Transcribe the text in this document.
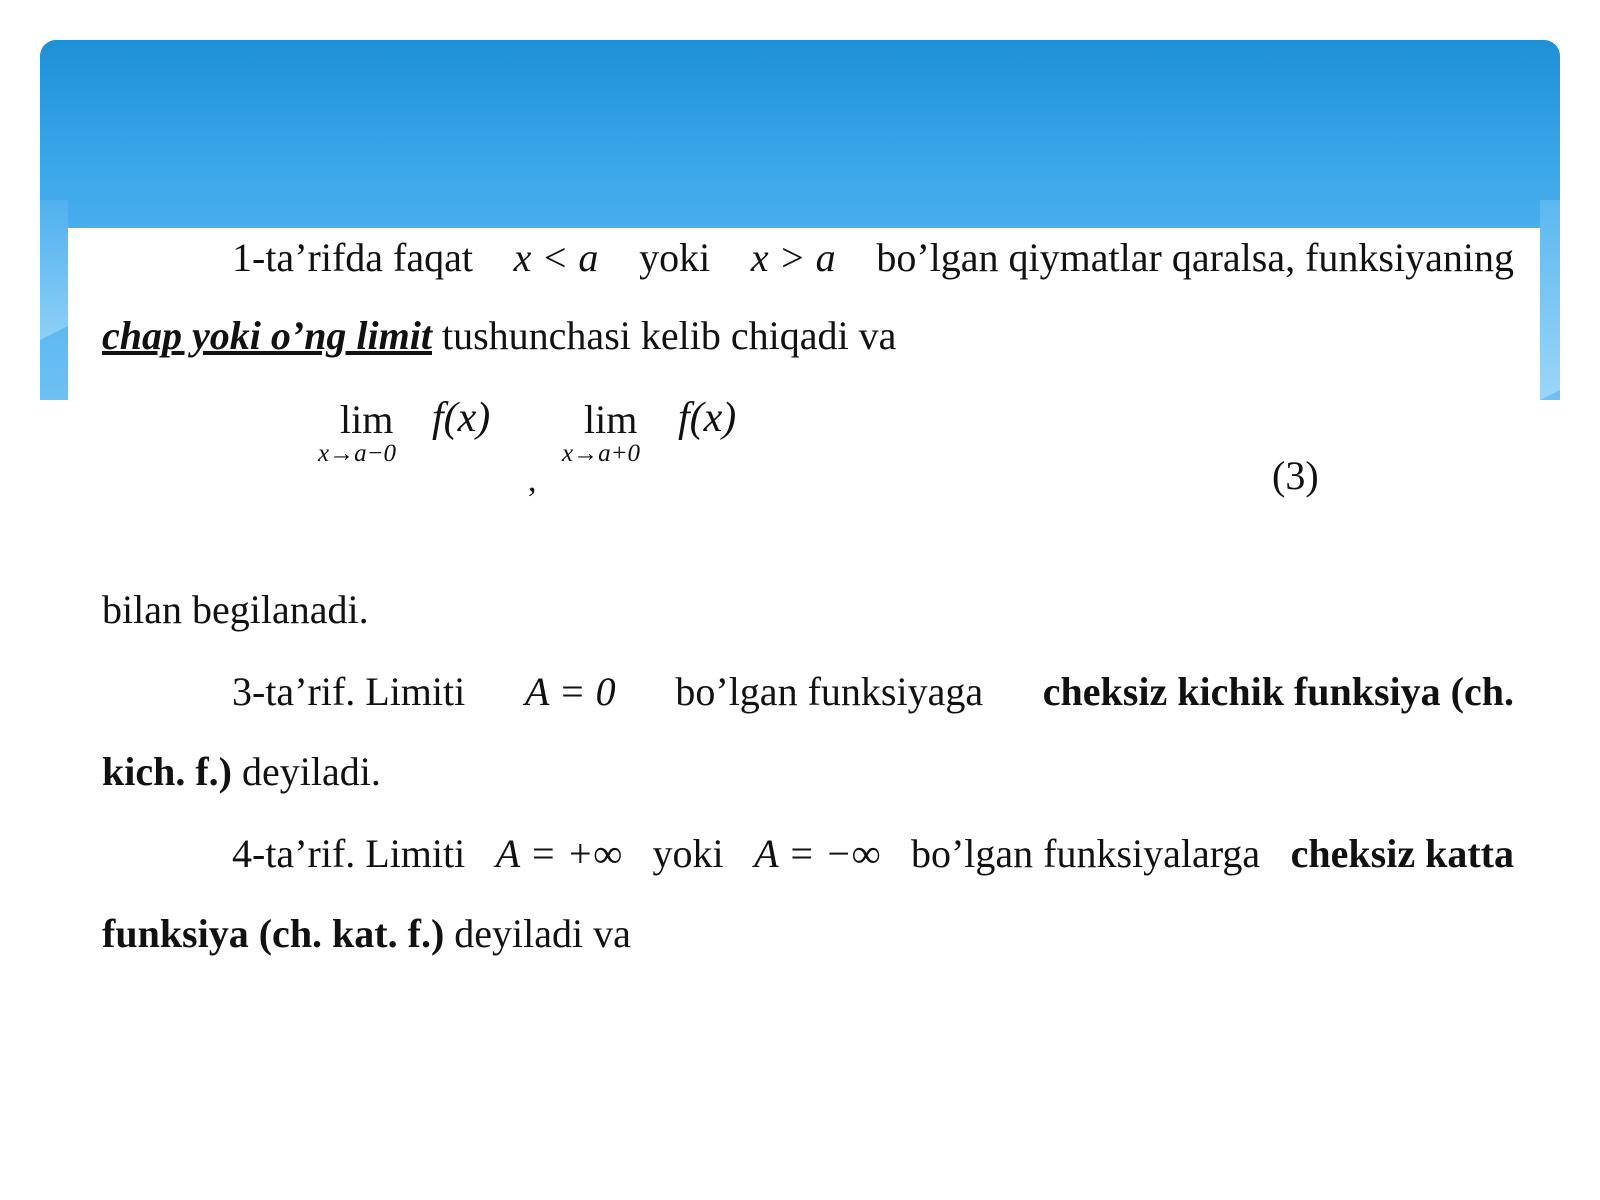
1-ta’rifda faqat x < a yoki x > a bo’lgan qiymatlar qaralsa, funksiyaning
chap yoki o’ng limit tushunchasi kelib chiqadi va
lim
x→a−0
f(x)
,
lim
x→a+0
f(x)
(3)
bilan begilanadi.
3-ta’rif. Limiti A = 0 bo’lgan funksiyaga cheksiz kichik funksiya (ch.
kich. f.) deyiladi.
4-ta’rif. Limiti A = +∞ yoki A = −∞ bo’lgan funksiyalarga cheksiz katta
funksiya (ch. kat. f.) deyiladi va
